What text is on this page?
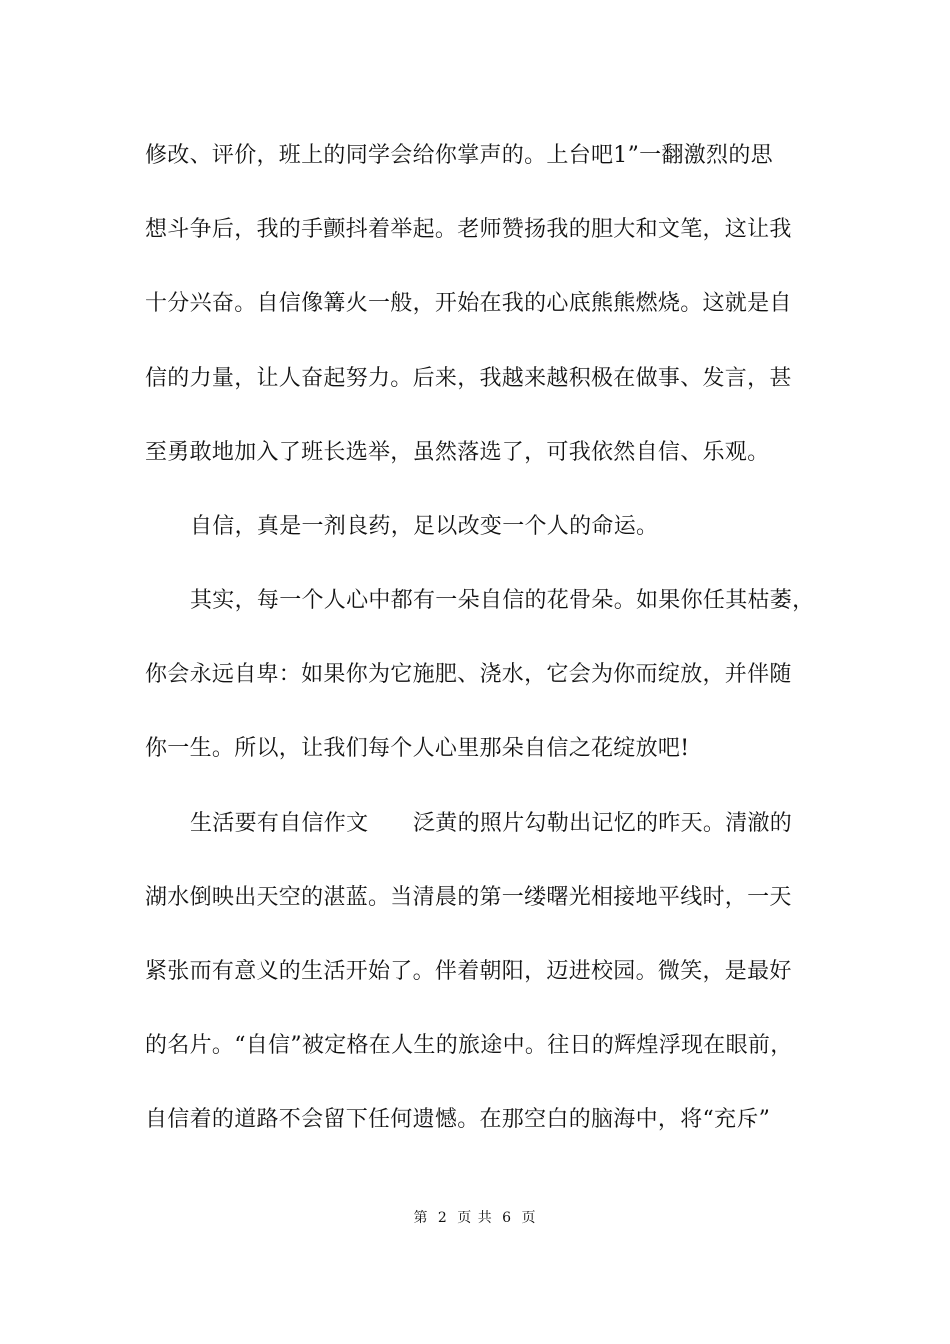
修改、评价，班上的同学会给你掌声的。上台吧1”一翻激烈的思
想斗争后，我的手颤抖着举起。老师赞扬我的胆大和文笔，这让我
十分兴奋。自信像篝火一般，开始在我的心底熊熊燃烧。这就是自
信的力量，让人奋起努力。后来，我越来越积极在做事、发言，甚
至勇敢地加入了班长选举，虽然落选了，可我依然自信、乐观。
自信，真是一剂良药，足以改变一个人的命运。
其实，每一个人心中都有一朵自信的花骨朵。如果你任其枯萎，
你会永远自卑：如果你为它施肥、浇水，它会为你而绽放，并伴随
你一生。所以，让我们每个人心里那朵自信之花绽放吧!
生活要有自信作文　　泛黄的照片勾勒出记忆的昨天。清澈的
湖水倒映出天空的湛蓝。当清晨的第一缕曙光相接地平线时，一天
紧张而有意义的生活开始了。伴着朝阳，迈进校园。微笑，是最好
的名片。“自信”被定格在人生的旅途中。往日的辉煌浮现在眼前，
自信着的道路不会留下任何遗憾。在那空白的脑海中，将“充斥”
第 2 页 共 6 页
